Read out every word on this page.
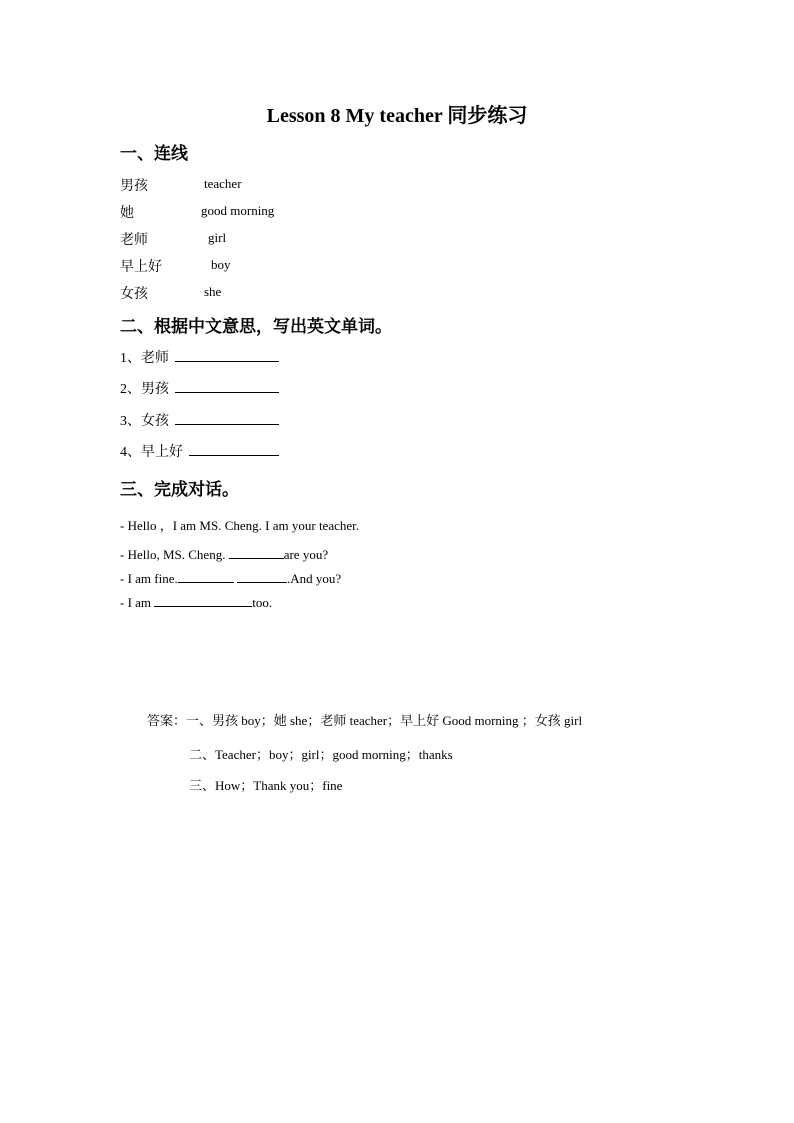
Lesson 8 My teacher 同步练习
一、连线
男孩	teacher
她	good morning
老师	girl
早上好	boy
女孩	she
二、根据中文意思，写出英文单词。
1、老师
2、男孩
3、女孩
4、早上好
三、完成对话。
- Hello ，I am MS. Cheng. I am your teacher.
- Hello, MS. Cheng.	are you?
- I am fine.	.And you?
- I am	too.
答案：一、男孩 boy；她 she；老师 teacher；早上好 Good morning ；女孩 girl
二、Teacher；boy；girl；good morning；thanks
三、How；Thank you；fine
